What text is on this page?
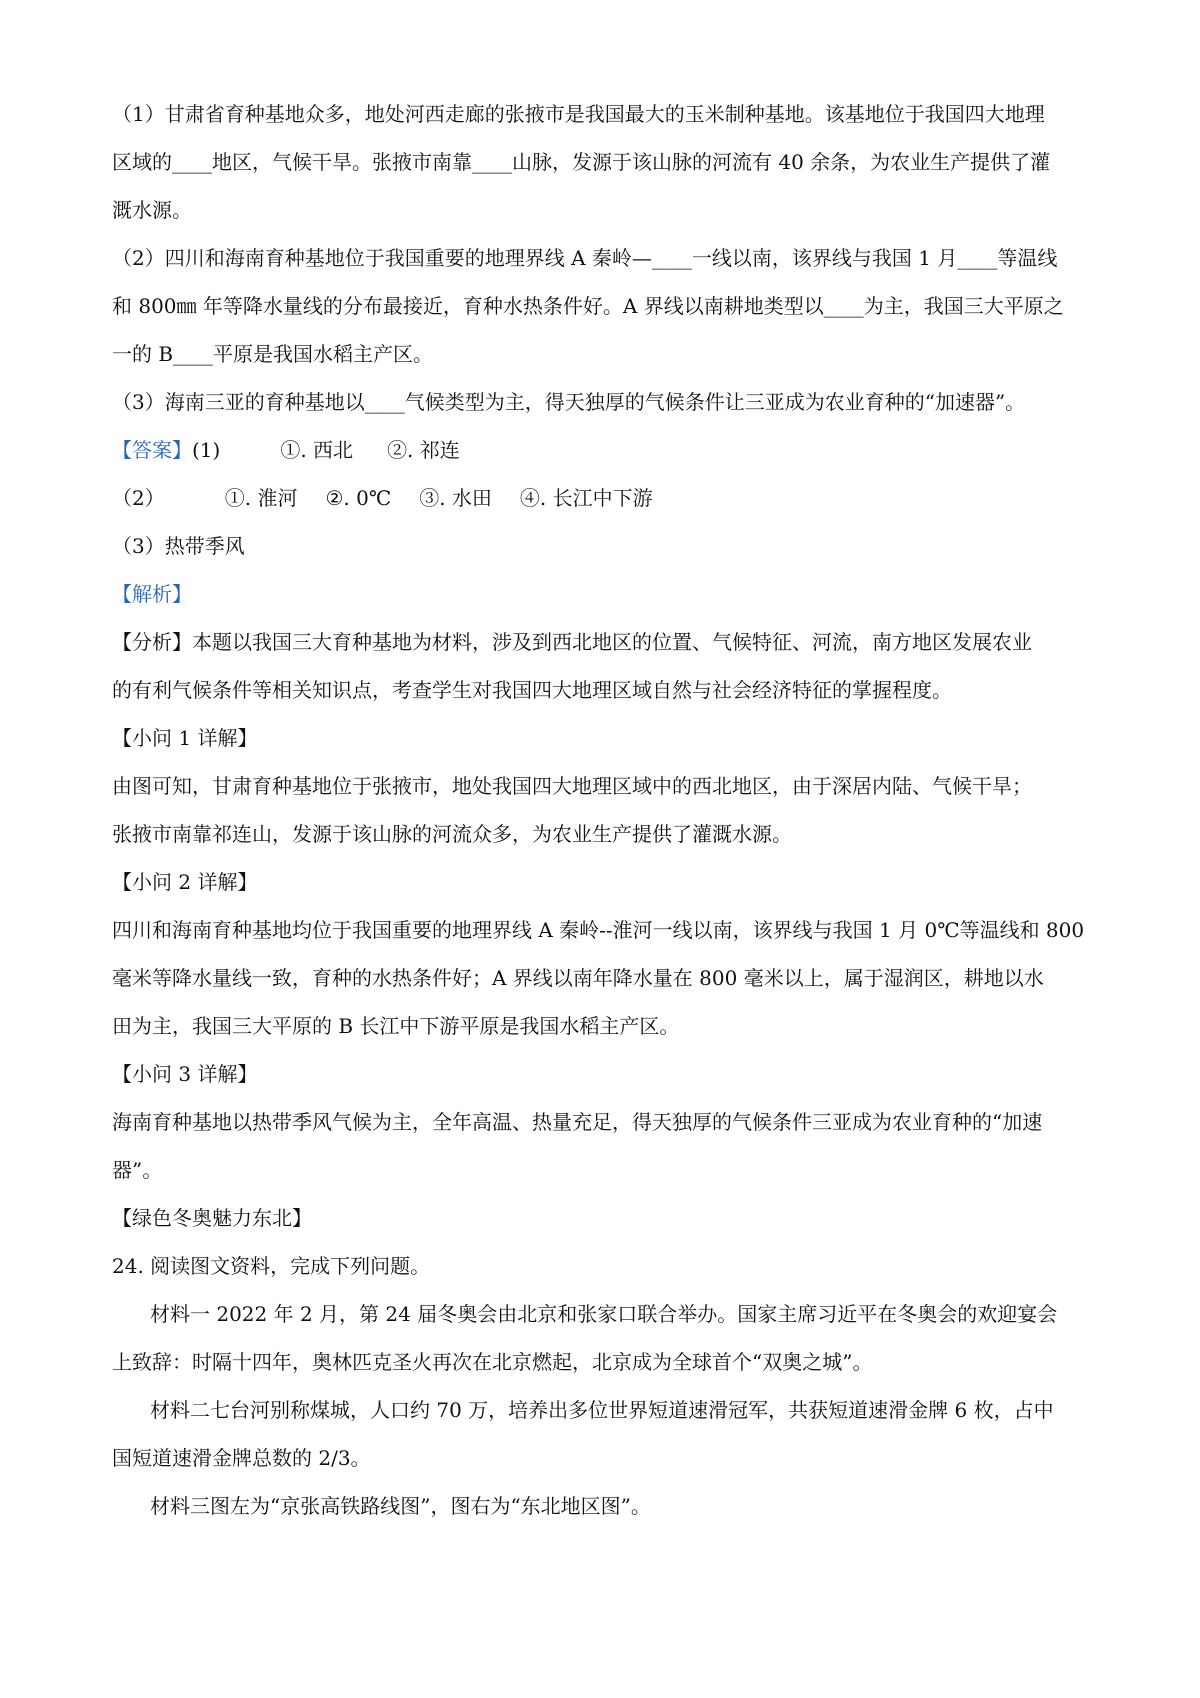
（1）甘肃省育种基地众多，地处河西走廊的张掖市是我国最大的玉米制种基地。该基地位于我国四大地理
区域的____地区，气候干旱。张掖市南靠____山脉，发源于该山脉的河流有 40 余条，为农业生产提供了灌
溉水源。
（2）四川和海南育种基地位于我国重要的地理界线 A 秦岭—____一线以南，该界线与我国 1 月____等温线
和 800㎜ 年等降水量线的分布最接近，育种水热条件好。A 界线以南耕地类型以____为主，我国三大平原之
一的 B____平原是我国水稻主产区。
（3）海南三亚的育种基地以____气候类型为主，得天独厚的气候条件让三亚成为农业育种的“加速器”。
【答案】(1)	①. 西北 ②. 祁连
（2）	①. 淮河 ②. 0℃ ③. 水田 ④. 长江中下游
（3）热带季风
【解析】
【分析】本题以我国三大育种基地为材料，涉及到西北地区的位置、气候特征、河流，南方地区发展农业
的有利气候条件等相关知识点，考查学生对我国四大地理区域自然与社会经济特征的掌握程度。
【小问 1 详解】
由图可知，甘肃育种基地位于张掖市，地处我国四大地理区域中的西北地区，由于深居内陆、气候干旱；
张掖市南靠祁连山，发源于该山脉的河流众多，为农业生产提供了灌溉水源。
【小问 2 详解】
四川和海南育种基地均位于我国重要的地理界线 A 秦岭--淮河一线以南，该界线与我国 1 月 0℃等温线和 800
毫米等降水量线一致，育种的水热条件好；A 界线以南年降水量在 800 毫米以上，属于湿润区，耕地以水
田为主，我国三大平原的 B 长江中下游平原是我国水稻主产区。
【小问 3 详解】
海南育种基地以热带季风气候为主，全年高温、热量充足，得天独厚的气候条件三亚成为农业育种的“加速
器”。
【绿色冬奥魅力东北】
24. 阅读图文资料，完成下列问题。
材料一 2022 年 2 月，第 24 届冬奥会由北京和张家口联合举办。国家主席习近平在冬奥会的欢迎宴会
上致辞：时隔十四年，奥林匹克圣火再次在北京燃起，北京成为全球首个“双奥之城”。
材料二七台河别称煤城，人口约 70 万，培养出多位世界短道速滑冠军，共获短道速滑金牌 6 枚，占中
国短道速滑金牌总数的 2/3。
材料三图左为“京张高铁路线图”，图右为“东北地区图”。
